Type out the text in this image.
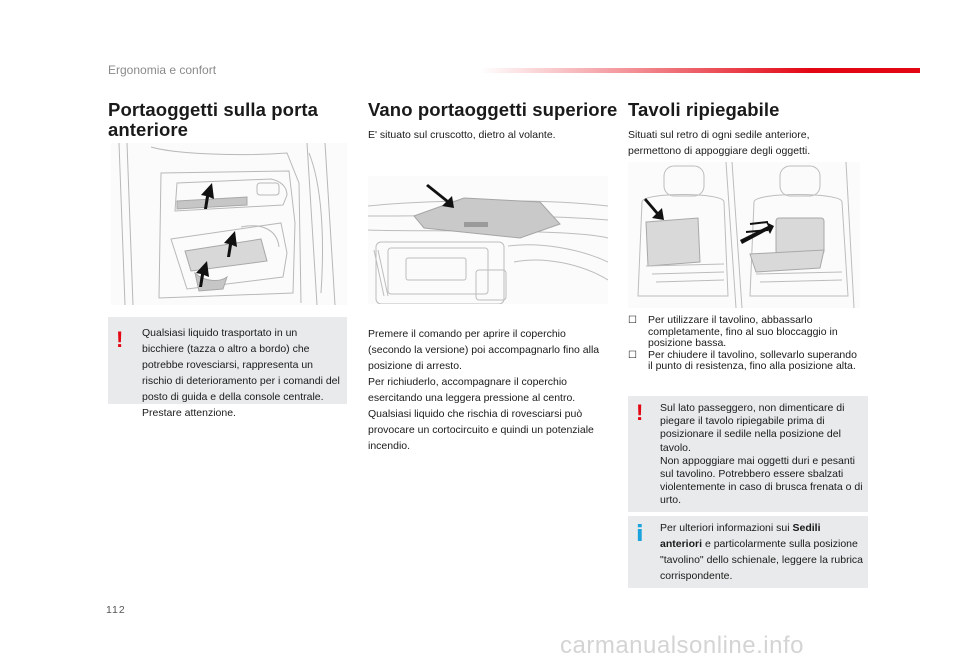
Ergonomia e confort
Portaoggetti sulla porta
anteriore
! Qualsiasi liquido trasportato in un bicchiere (tazza o altro a bordo) che potrebbe rovesciarsi, rappresenta un rischio di deterioramento per i comandi del posto di guida e della console centrale. Prestare attenzione.

Vano portaoggetti superiore

E' situato sul cruscotto, dietro al volante.

Premere il comando per aprire il coperchio (secondo la versione) poi accompagnarlo fino alla posizione di arresto.
Per richiuderlo, accompagnare il coperchio esercitando una leggera pressione al centro.
Qualsiasi liquido che rischia di rovesciarsi può provocare un cortocircuito e quindi un potenziale incendio.

Tavoli ripiegabile

Situati sul retro di ogni sedile anteriore, permettono di appoggiare degli oggetti.

☐	Per utilizzare il tavolino, abbassarlo completamente, fino al suo bloccaggio in posizione bassa.

☐	Per chiudere il tavolino, sollevarlo superando il punto di resistenza, fino alla posizione alta.

! Sul lato passeggero, non dimenticare di piegare il tavolo ripiegabile prima di posizionare il sedile nella posizione del tavolo.
Non appoggiare mai oggetti duri e pesanti sul tavolino. Potrebbero essere sbalzati violentemente in caso di brusca frenata o di urto.

i Per ulteriori informazioni sui Sedili anteriori e particolarmente sulla posizione "tavolino" dello schienale, leggere la rubrica corrispondente.

112
carmanualsonline.info
